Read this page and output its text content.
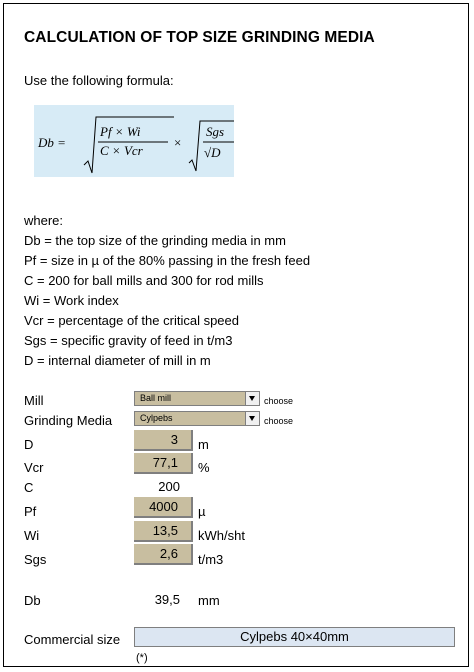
CALCULATION OF TOP SIZE GRINDING MEDIA
Use the following formula:
Db =
Pf × Wi
C × Vcr
×
Sgs
√D
where:
Db = the top size of the grinding media in mm
Pf = size in µ of the 80% passing in the fresh feed
C = 200 for ball mills and 300 for rod mills
Wi = Work index
Vcr = percentage of the critical speed
Sgs = specific gravity of feed in t/m3
D = internal diameter of mill in m
Mill	Ball mill	choose
Grinding Media	Cylpebs	choose
D	3	m
Vcr	77,1	%
C	200
Pf	4000	µ
Wi	13,5	kWh/sht
Sgs	2,6	t/m3
Db	39,5	mm
Commercial size	Cylpebs 40×40mm
(*)
